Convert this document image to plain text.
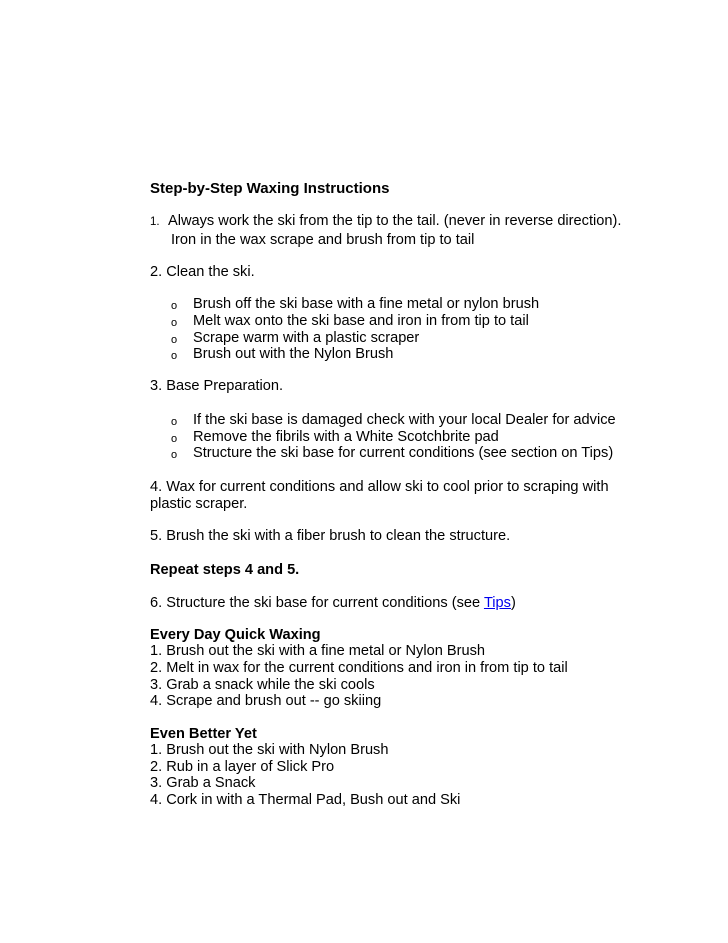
Step-by-Step Waxing Instructions
1. Always work the ski from the tip to the tail. (never in reverse direction).
Iron in the wax scrape and brush from tip to tail
2. Clean the ski.
o Brush off the ski base with a fine metal or nylon brush
o Melt wax onto the ski base and iron in from tip to tail
o Scrape warm with a plastic scraper
o Brush out with the Nylon Brush
3. Base Preparation.
o If the ski base is damaged check with your local Dealer for advice
o Remove the fibrils with a White Scotchbrite pad
o Structure the ski base for current conditions (see section on Tips)
4. Wax for current conditions and allow ski to cool prior to scraping with
plastic scraper.
5. Brush the ski with a fiber brush to clean the structure.
Repeat steps 4 and 5.
6. Structure the ski base for current conditions (see Tips)
Every Day Quick Waxing
1. Brush out the ski with a fine metal or Nylon Brush
2. Melt in wax for the current conditions and iron in from tip to tail
3. Grab a snack while the ski cools
4. Scrape and brush out -- go skiing
Even Better Yet
1. Brush out the ski with Nylon Brush
2. Rub in a layer of Slick Pro
3. Grab a Snack
4. Cork in with a Thermal Pad, Bush out and Ski
